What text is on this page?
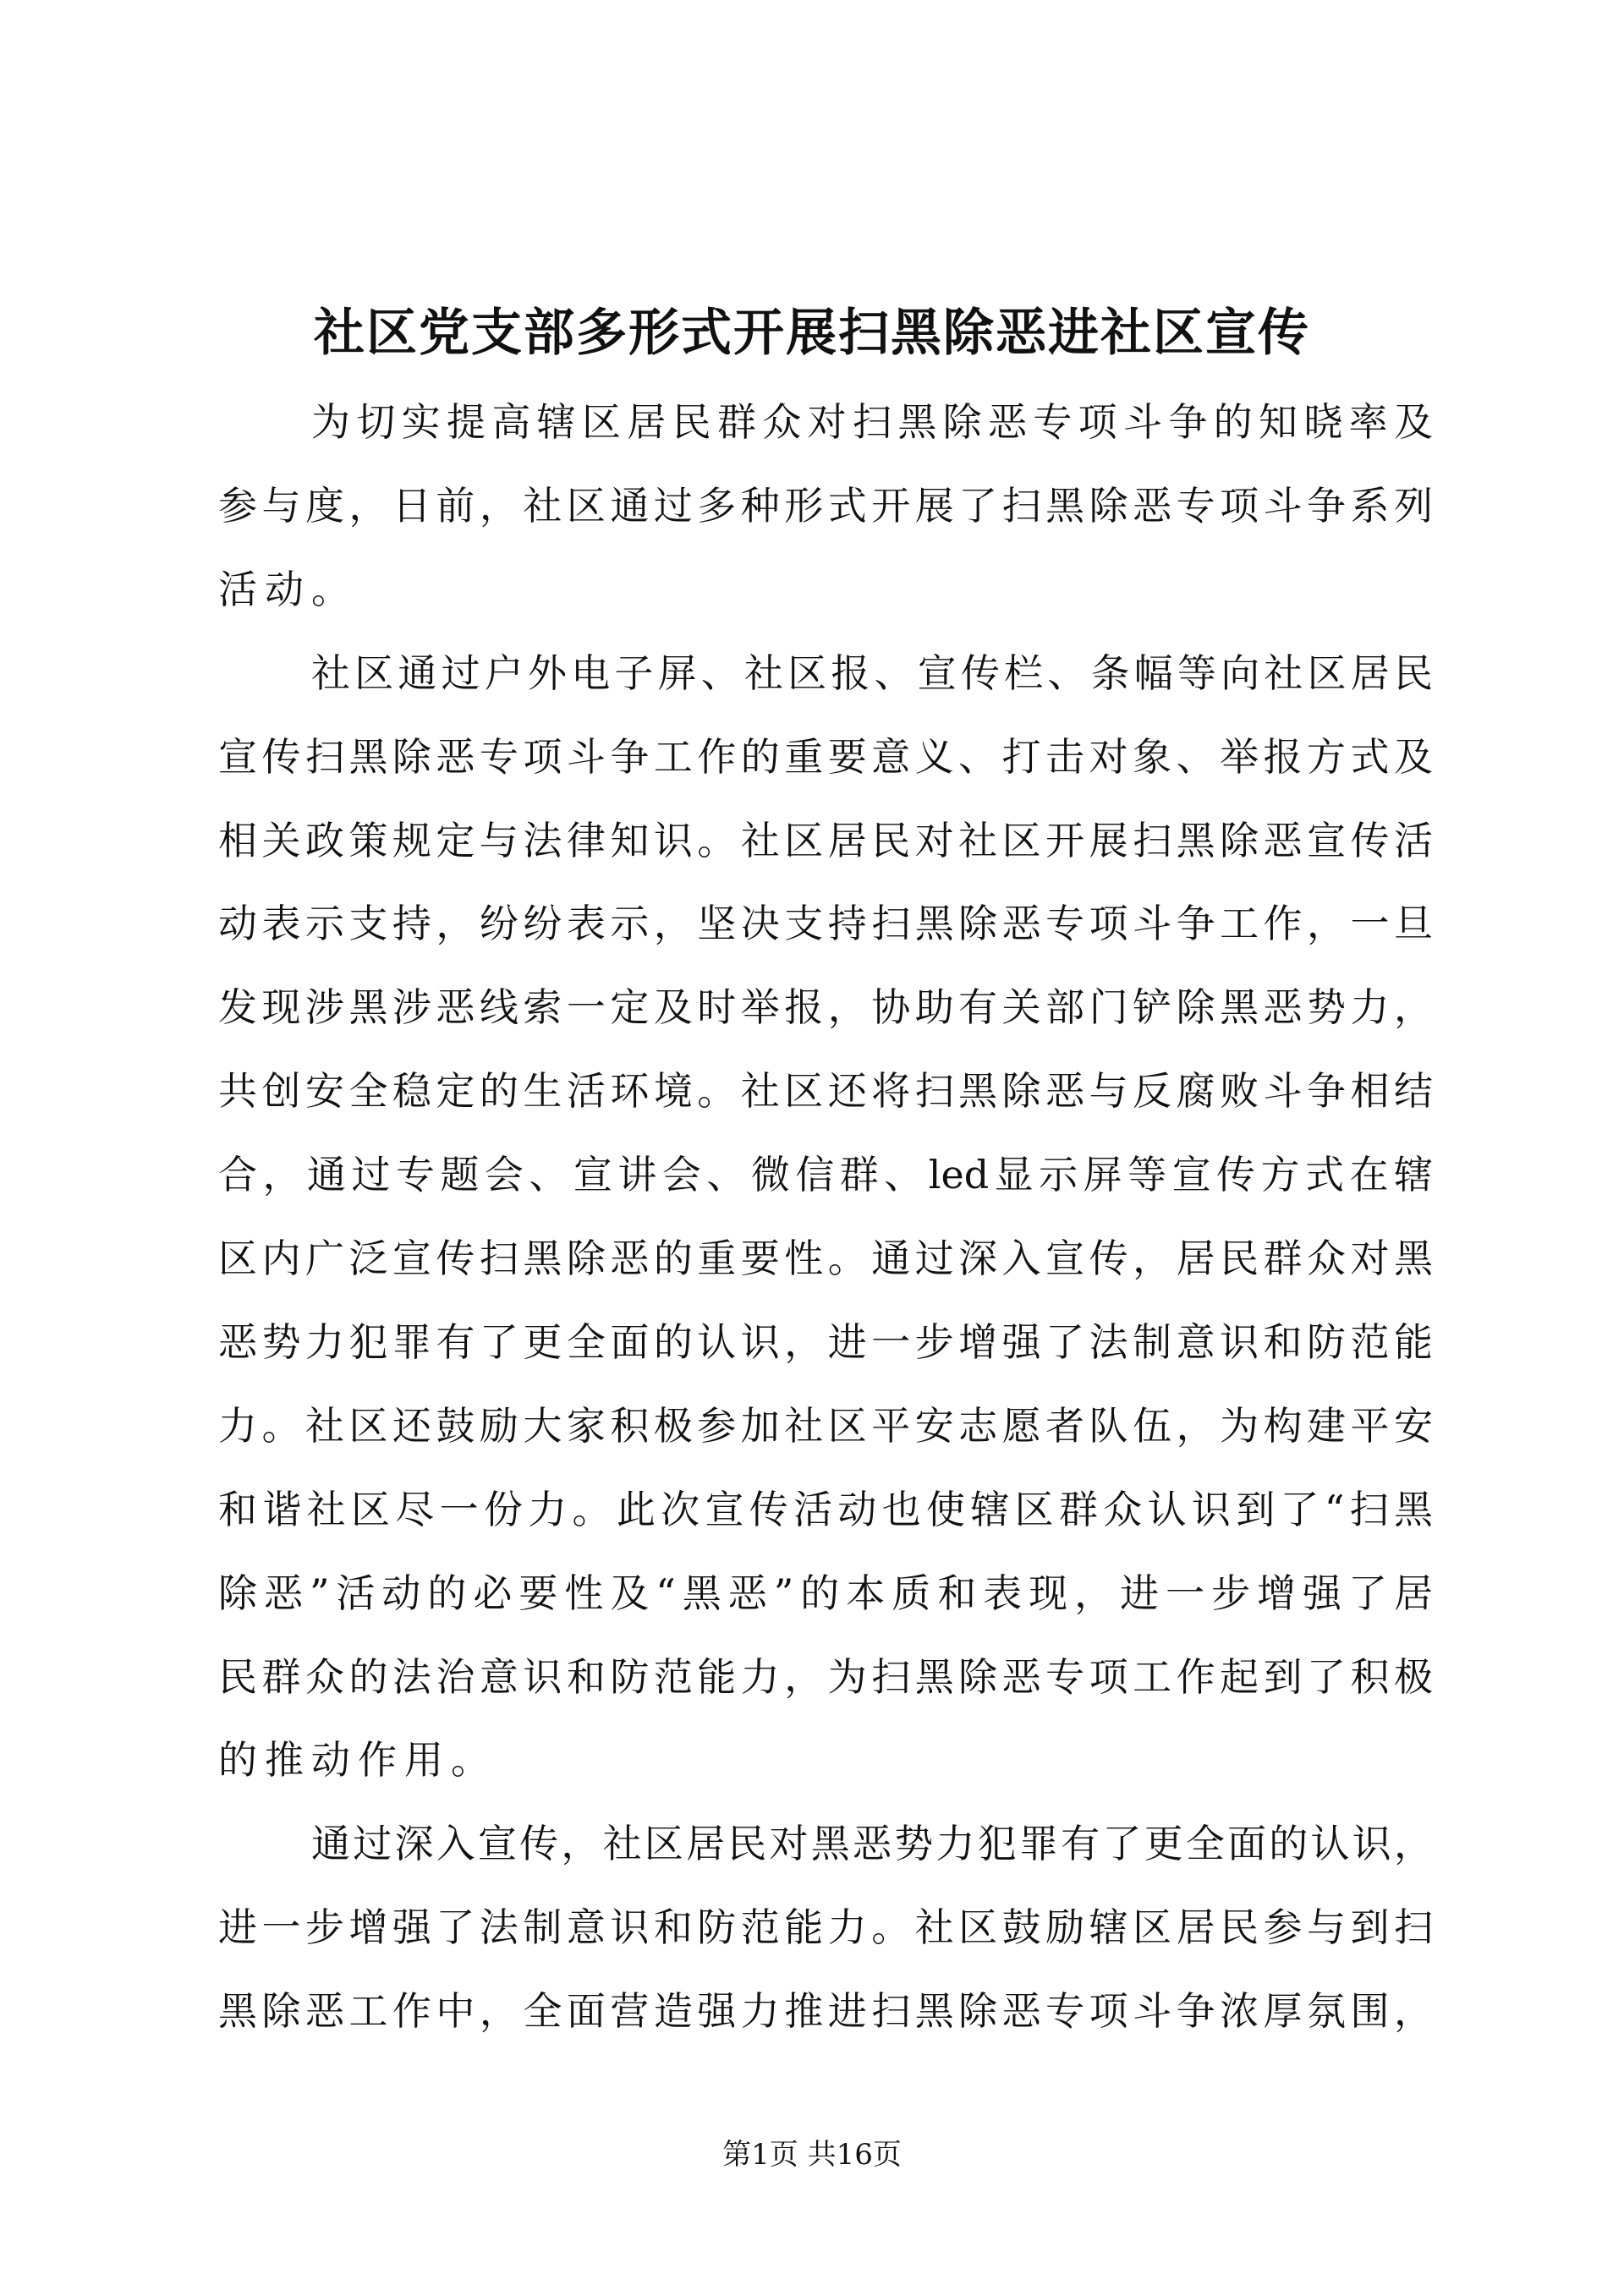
社区党支部多形式开展扫黑除恶进社区宣传
为切实提高辖区居民群众对扫黑除恶专项斗争的知晓率及
参与度，日前，社区通过多种形式开展了扫黑除恶专项斗争系列
活动。
社区通过户外电子屏、社区报、宣传栏、条幅等向社区居民
宣传扫黑除恶专项斗争工作的重要意义、打击对象、举报方式及
相关政策规定与法律知识。社区居民对社区开展扫黑除恶宣传活
动表示支持，纷纷表示，坚决支持扫黑除恶专项斗争工作，一旦
发现涉黑涉恶线索一定及时举报，协助有关部门铲除黑恶势力，
共创安全稳定的生活环境。社区还将扫黑除恶与反腐败斗争相结
合，通过专题会、宣讲会、微信群、led显示屏等宣传方式在辖
区内广泛宣传扫黑除恶的重要性。通过深入宣传，居民群众对黑
恶势力犯罪有了更全面的认识，进一步增强了法制意识和防范能
力。社区还鼓励大家积极参加社区平安志愿者队伍，为构建平安
和谐社区尽一份力。此次宣传活动也使辖区群众认识到了“扫黑
除恶”活动的必要性及“黑恶”的本质和表现，进一步增强了居
民群众的法治意识和防范能力，为扫黑除恶专项工作起到了积极
的推动作用。
通过深入宣传，社区居民对黑恶势力犯罪有了更全面的认识，
进一步增强了法制意识和防范能力。社区鼓励辖区居民参与到扫
黑除恶工作中，全面营造强力推进扫黑除恶专项斗争浓厚氛围，
第1页 共16页
